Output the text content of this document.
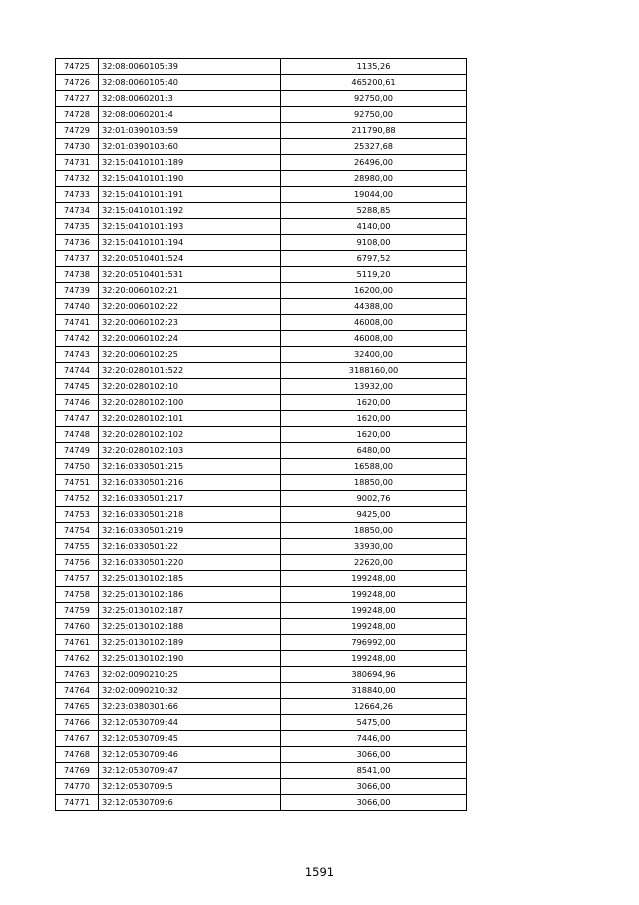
74725	32:08:0060105:39	1135,26
74726	32:08:0060105:40	465200,61
74727	32:08:0060201:3	92750,00
74728	32:08:0060201:4	92750,00
74729	32:01:0390103:59	211790,88
74730	32:01:0390103:60	25327,68
74731	32:15:0410101:189	26496,00
74732	32:15:0410101:190	28980,00
74733	32:15:0410101:191	19044,00
74734	32:15:0410101:192	5288,85
74735	32:15:0410101:193	4140,00
74736	32:15:0410101:194	9108,00
74737	32:20:0510401:524	6797,52
74738	32:20:0510401:531	5119,20
74739	32:20:0060102:21	16200,00
74740	32:20:0060102:22	44388,00
74741	32:20:0060102:23	46008,00
74742	32:20:0060102:24	46008,00
74743	32:20:0060102:25	32400,00
74744	32:20:0280101:522	3188160,00
74745	32:20:0280102:10	13932,00
74746	32:20:0280102:100	1620,00
74747	32:20:0280102:101	1620,00
74748	32:20:0280102:102	1620,00
74749	32:20:0280102:103	6480,00
74750	32:16:0330501:215	16588,00
74751	32:16:0330501:216	18850,00
74752	32:16:0330501:217	9002,76
74753	32:16:0330501:218	9425,00
74754	32:16:0330501:219	18850,00
74755	32:16:0330501:22	33930,00
74756	32:16:0330501:220	22620,00
74757	32:25:0130102:185	199248,00
74758	32:25:0130102:186	199248,00
74759	32:25:0130102:187	199248,00
74760	32:25:0130102:188	199248,00
74761	32:25:0130102:189	796992,00
74762	32:25:0130102:190	199248,00
74763	32:02:0090210:25	380694,96
74764	32:02:0090210:32	318840,00
74765	32:23:0380301:66	12664,26
74766	32:12:0530709:44	5475,00
74767	32:12:0530709:45	7446,00
74768	32:12:0530709:46	3066,00
74769	32:12:0530709:47	8541,00
74770	32:12:0530709:5	3066,00
74771	32:12:0530709:6	3066,00
1591
